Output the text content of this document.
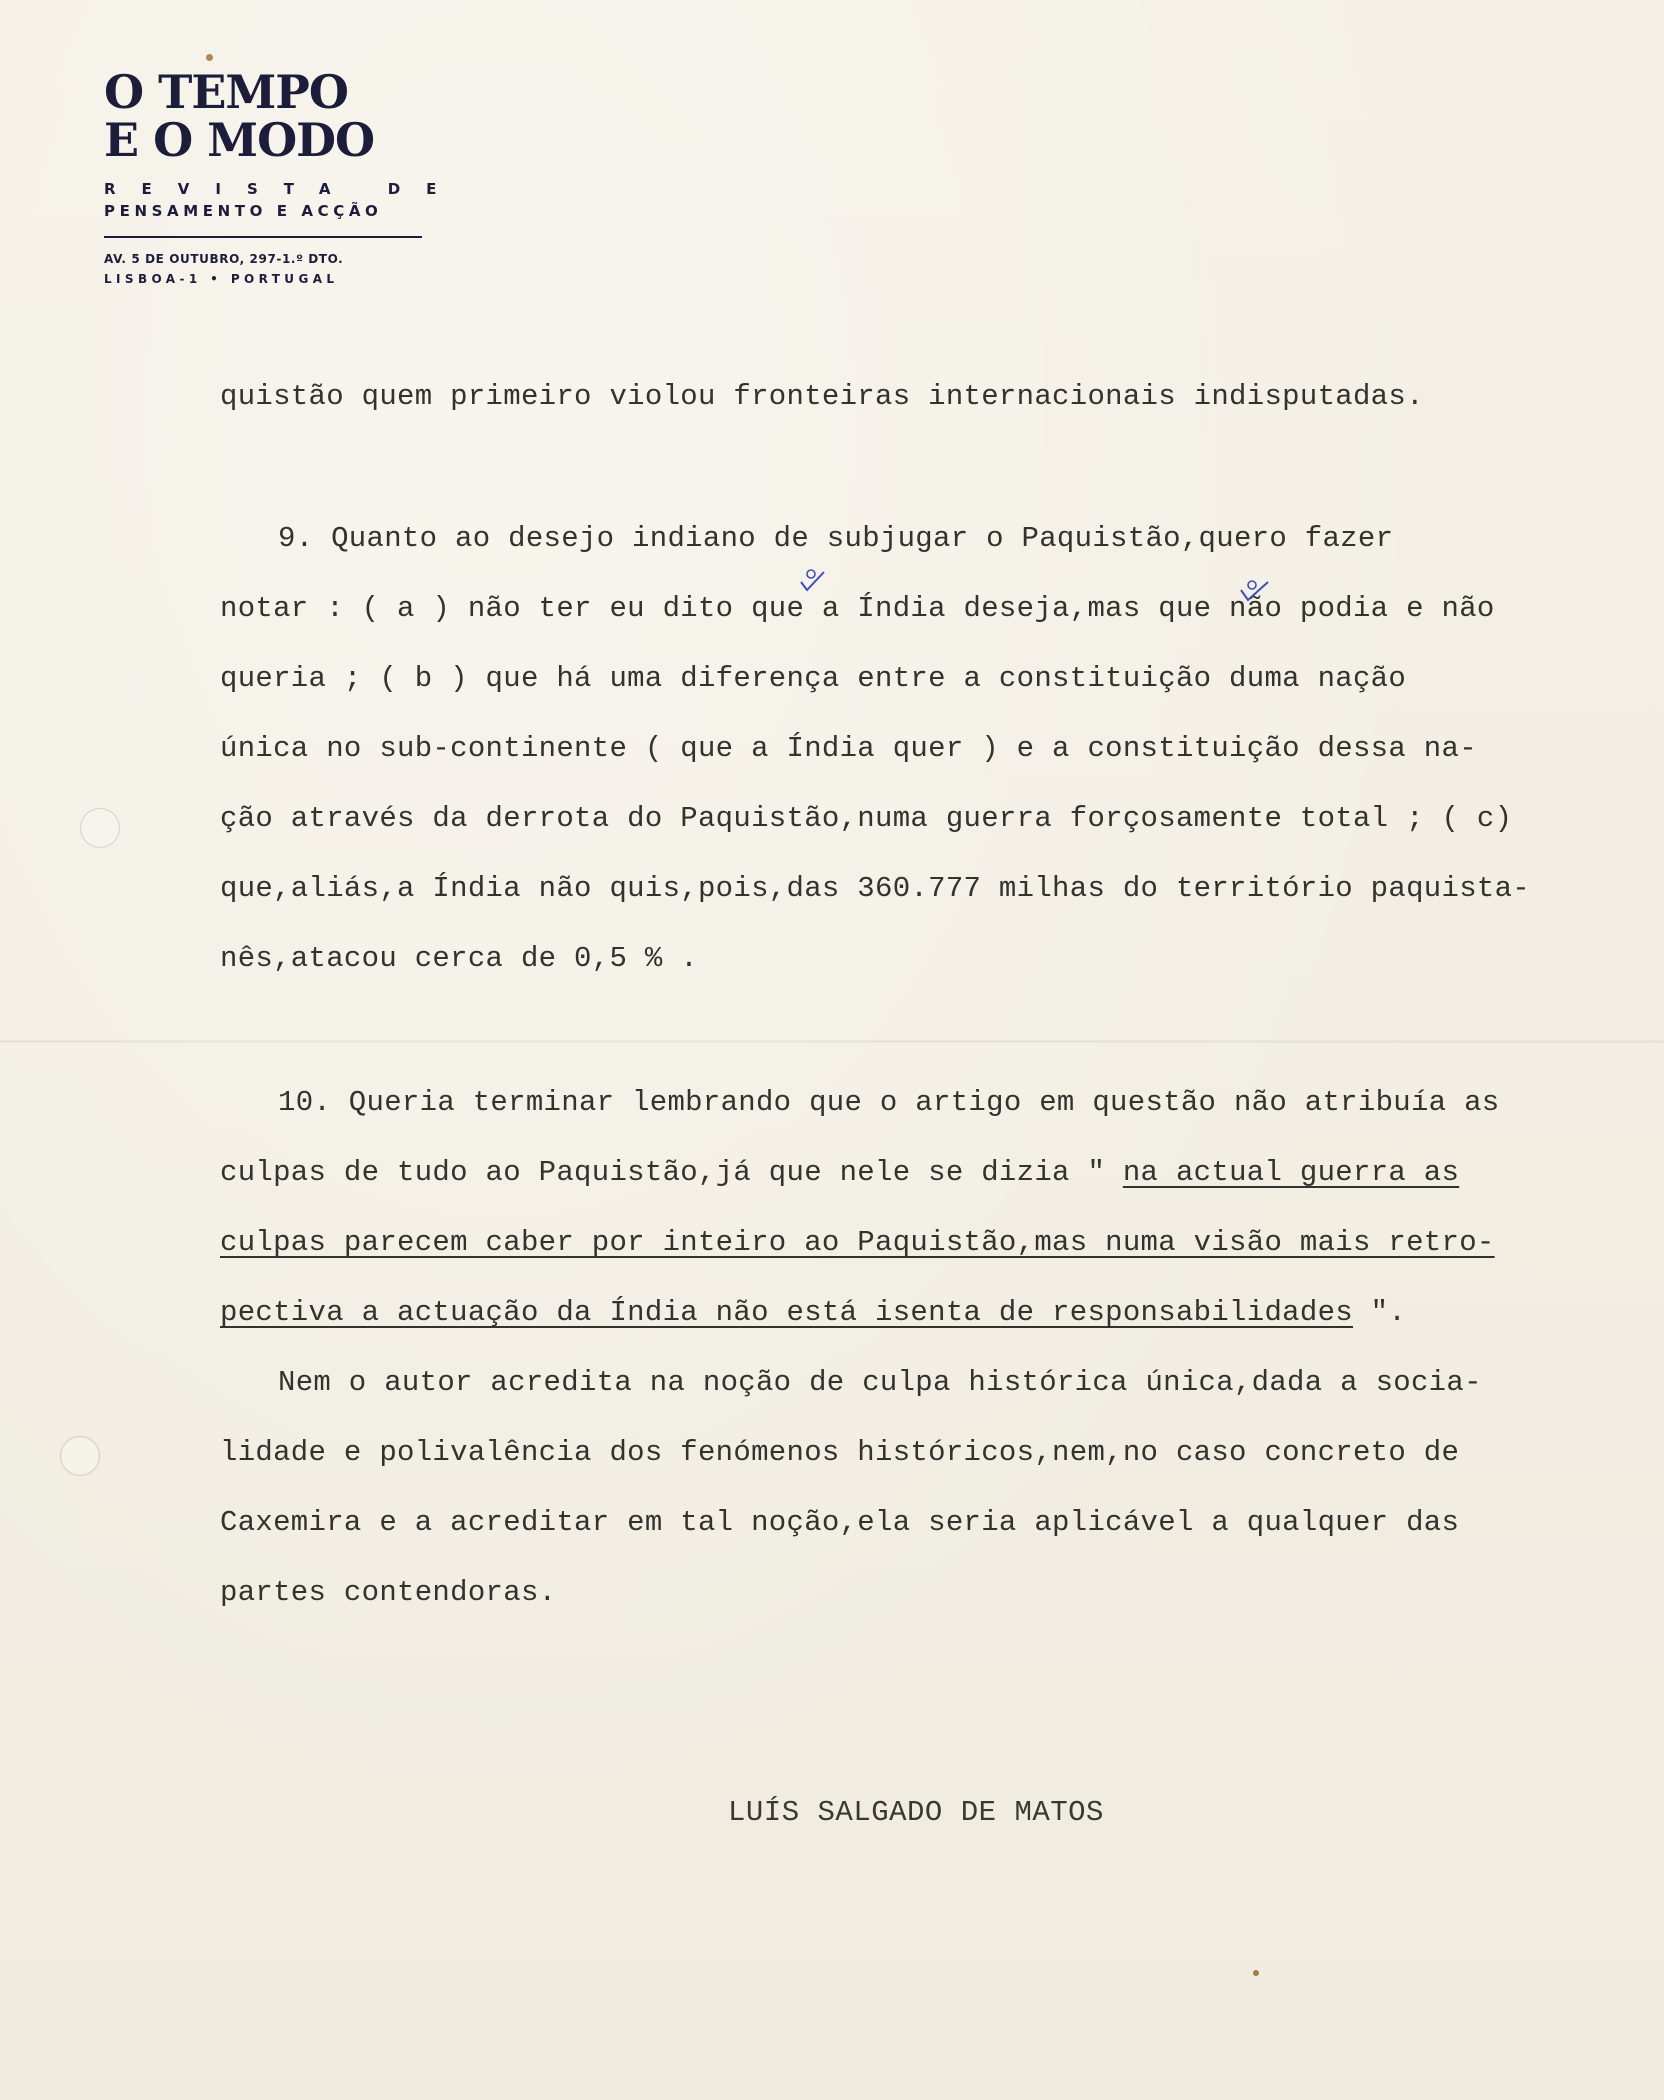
O TEMPO
E O MODO
REVISTA DE
PENSAMENTO E ACÇÃO
AV. 5 DE OUTUBRO, 297-1.º DTO.
LISBOA-1 • PORTUGAL
quistão quem primeiro violou fronteiras internacionais indisputadas.
9. Quanto ao desejo indiano de subjugar o Paquistão,quero fazer
notar : ( a ) não ter eu dito que a Índia deseja,mas que não podia e não
queria ; ( b ) que há uma diferença entre a constituição duma nação
única no sub-continente ( que a Índia quer ) e a constituição dessa na-
ção através da derrota do Paquistão,numa guerra forçosamente total ; ( c)
que,aliás,a Índia não quis,pois,das 360.777 milhas do território paquista-
nês,atacou cerca de 0,5 % .
10. Queria terminar lembrando que o artigo em questão não atribuía as
culpas de tudo ao Paquistão,já que nele se dizia " na actual guerra as
culpas parecem caber por inteiro ao Paquistão,mas numa visão mais retro-
pectiva a actuação da Índia não está isenta de responsabilidades ".
Nem o autor acredita na noção de culpa histórica única,dada a socia-
lidade e polivalência dos fenómenos históricos,nem,no caso concreto de
Caxemira e a acreditar em tal noção,ela seria aplicável a qualquer das
partes contendoras.
LUÍS SALGADO DE MATOS
